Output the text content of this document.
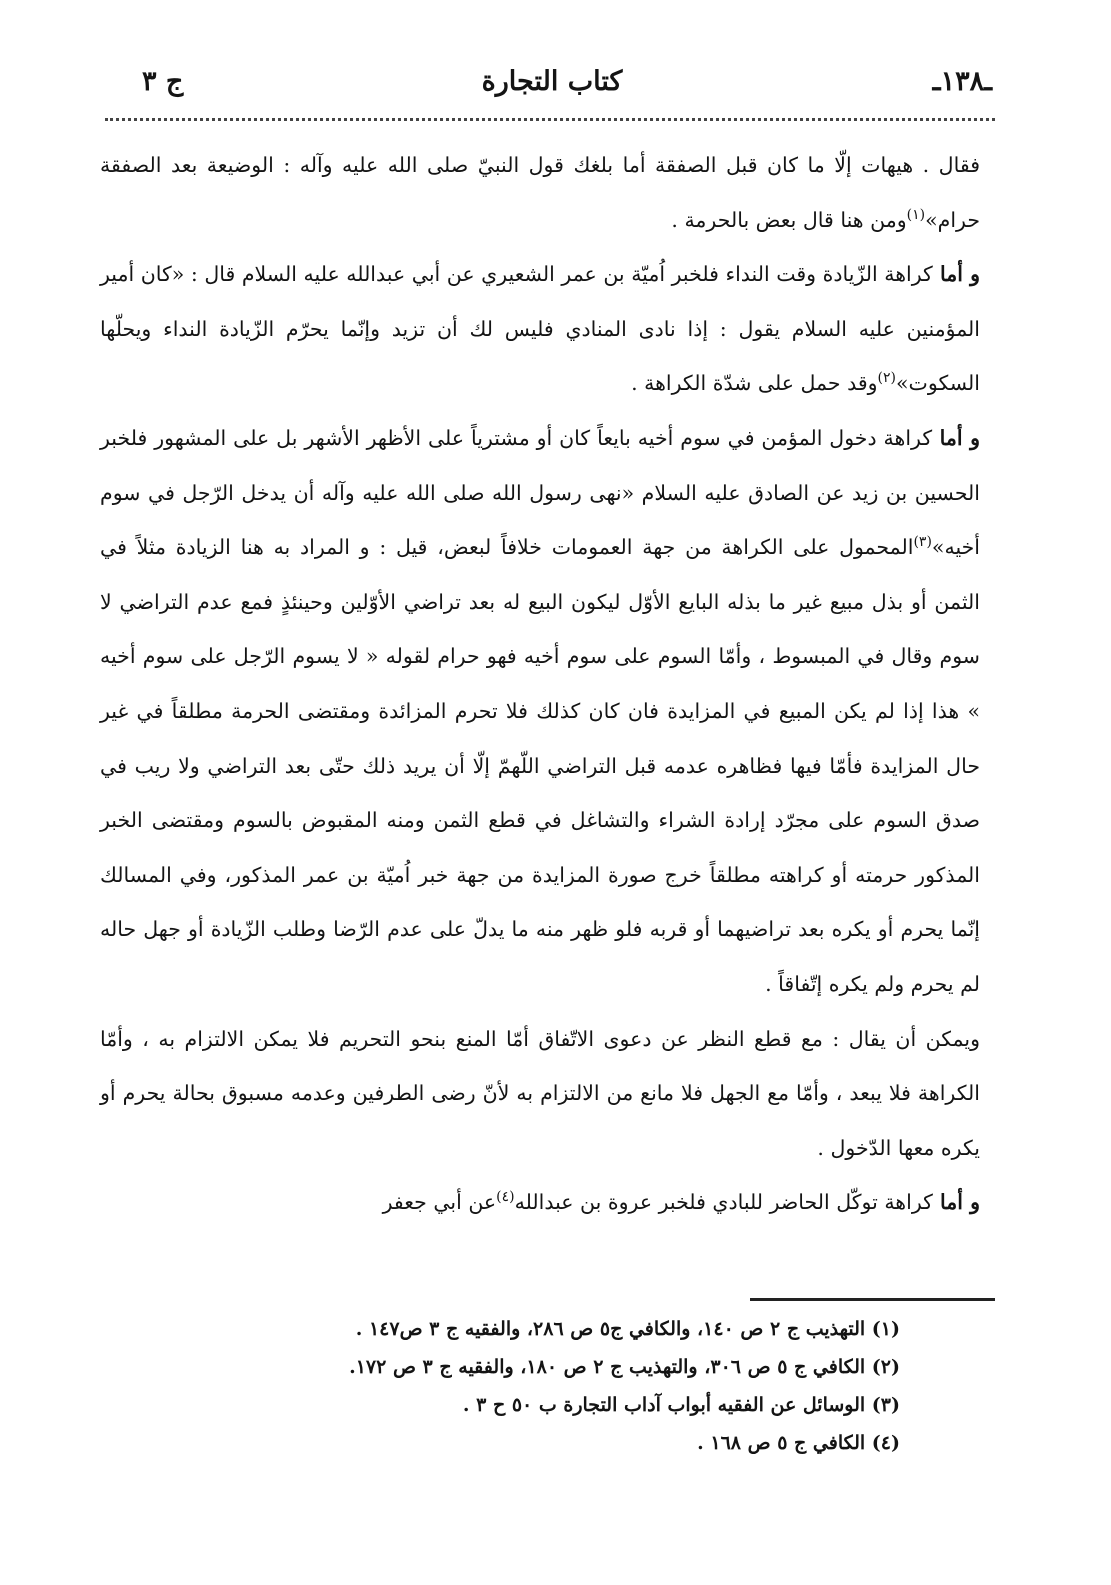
ـ١٣٨ـ
كتاب التجارة
ج ٣

فقال . هيهات إلّا ما كان قبل الصفقة أما بلغك قول النبيّ صلى الله عليه وآله : الوضيعة بعد الصفقة حرام»$^{(١)}$ومن هنا قال بعض بالحرمة .

و أماكراهة الزّيادة وقت النداء فلخبر اُميّة بن عمر الشعيري عن أبي عبدالله عليه السلام قال : «كان أمير المؤمنين عليه السلام يقول : إذا نادى المنادي فليس لك أن تزيد وإنّما يحرّم الزّيادة النداء ويحلّها السكوت»$^{(٢)}$وقد حمل على شدّة الكراهة .

و أماكراهة دخول المؤمن في سوم أخيه بايعاً كان أو مشترياً على الأظهر الأشهر بل على المشهور فلخبر الحسين بن زيد عن الصادق عليه السلام «نهى رسول الله صلى الله عليه وآله أن يدخل الرّجل في سوم أخيه»$^{(٣)}$المحمول على الكراهة من جهة العمومات خلافاً لبعض، قيل : و المراد به هنا الزيادة مثلاً في الثمن أو بذل مبيع غير ما بذله البايع الأوّل ليكون البيع له بعد تراضي الأوّلين وحينئذٍ فمع عدم التراضي لا سوم وقال في المبسوط ، وأمّا السوم على سوم أخيه فهو حرام لقوله « لا يسوم الرّجل على سوم أخيه » هذا إذا لم يكن المبيع في المزايدة فان كان كذلك فلا تحرم المزائدة ومقتضى الحرمة مطلقاً في غير حال المزايدة فأمّا فيها فظاهره عدمه قبل التراضي اللّهمّ إلّا أن يريد ذلك حتّى بعد التراضي ولا ريب في صدق السوم على مجرّد إرادة الشراء والتشاغل في قطع الثمن ومنه المقبوض بالسوم ومقتضى الخبر المذكور حرمته أو كراهته مطلقاً خرج صورة المزايدة من جهة خبر اُميّة بن عمر المذكور، وفي المسالك إنّما يحرم أو يكره بعد تراضيهما أو قربه فلو ظهر منه ما يدلّ على عدم الرّضا وطلب الزّيادة أو جهل حاله لم يحرم ولم يكره إتّفاقاً .

ويمكن أن يقال : مع قطع النظر عن دعوى الاتّفاق أمّا المنع بنحو التحريم فلا يمكن الالتزام به ، وأمّا الكراهة فلا يبعد ، وأمّا مع الجهل فلا مانع من الالتزام به لأنّ رضى الطرفين وعدمه مسبوق بحالة يحرم أو يكره معها الدّخول .

و أماكراهة توكّل الحاضر للبادي فلخبر عروة بن عبدالله$^{(٤)}$عن أبي جعفر

(١) التهذيب ج ٢ ص ١٤٠، والكافي ج٥ ص ٢٨٦، والفقيه ج ٣ ص١٤٧ .

(٢) الكافي ج ٥ ص ٣٠٦، والتهذيب ج ٢ ص ١٨٠، والفقيه ج ٣ ص ١٧٢.

(٣) الوسائل عن الفقيه أبواب آداب التجارة ب ٥٠ ح ٣ .

(٤) الكافي ج ٥ ص ١٦٨ .
